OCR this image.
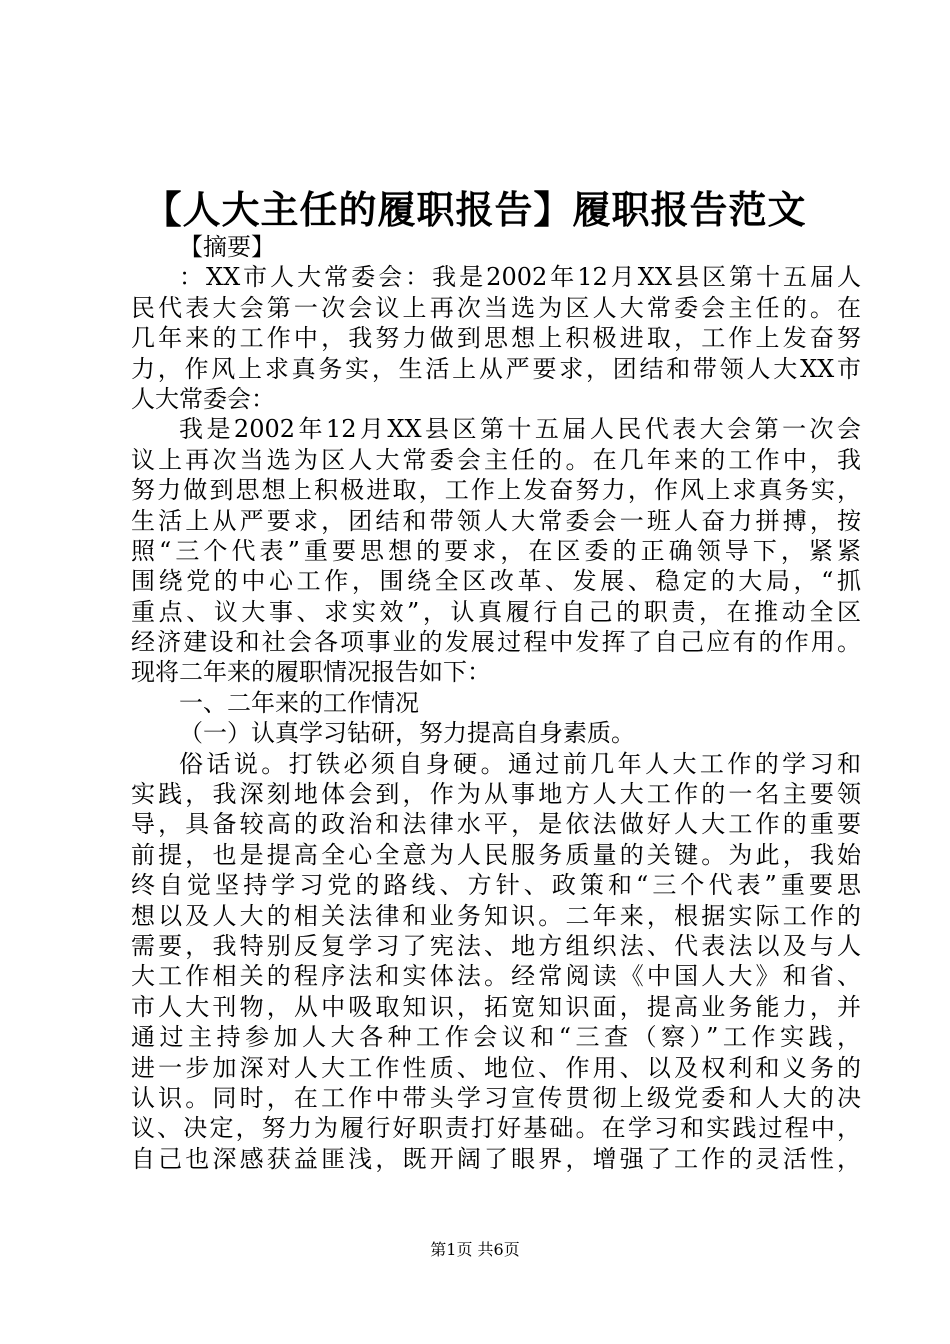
【人大主任的履职报告】履职报告范文
【摘要】
：XX市人大常委会：我是2002年12月XX县区第十五届人
民代表大会第一次会议上再次当选为区人大常委会主任的。在
几年来的工作中，我努力做到思想上积极进取，工作上发奋努
力，作风上求真务实，生活上从严要求，团结和带领人大XX市
人大常委会：
我是2002年12月XX县区第十五届人民代表大会第一次会
议上再次当选为区人大常委会主任的。在几年来的工作中，我
努力做到思想上积极进取，工作上发奋努力，作风上求真务实，
生活上从严要求，团结和带领人大常委会一班人奋力拼搏，按
照“三个代表”重要思想的要求，在区委的正确领导下，紧紧
围绕党的中心工作，围绕全区改革、发展、稳定的大局，“抓
重点、议大事、求实效”，认真履行自己的职责，在推动全区
经济建设和社会各项事业的发展过程中发挥了自己应有的作用。
现将二年来的履职情况报告如下：
一、二年来的工作情况
（一）认真学习钻研，努力提高自身素质。
俗话说。打铁必须自身硬。通过前几年人大工作的学习和
实践，我深刻地体会到，作为从事地方人大工作的一名主要领
导，具备较高的政治和法律水平，是依法做好人大工作的重要
前提，也是提高全心全意为人民服务质量的关键。为此，我始
终自觉坚持学习党的路线、方针、政策和“三个代表”重要思
想以及人大的相关法律和业务知识。二年来，根据实际工作的
需要，我特别反复学习了宪法、地方组织法、代表法以及与人
大工作相关的程序法和实体法。经常阅读《中国人大》和省、
市人大刊物，从中吸取知识，拓宽知识面，提高业务能力，并
通过主持参加人大各种工作会议和“三查（察）”工作实践，
进一步加深对人大工作性质、地位、作用、以及权利和义务的
认识。同时，在工作中带头学习宣传贯彻上级党委和人大的决
议、决定，努力为履行好职责打好基础。在学习和实践过程中，
自己也深感获益匪浅，既开阔了眼界，增强了工作的灵活性，
第1页 共6页
